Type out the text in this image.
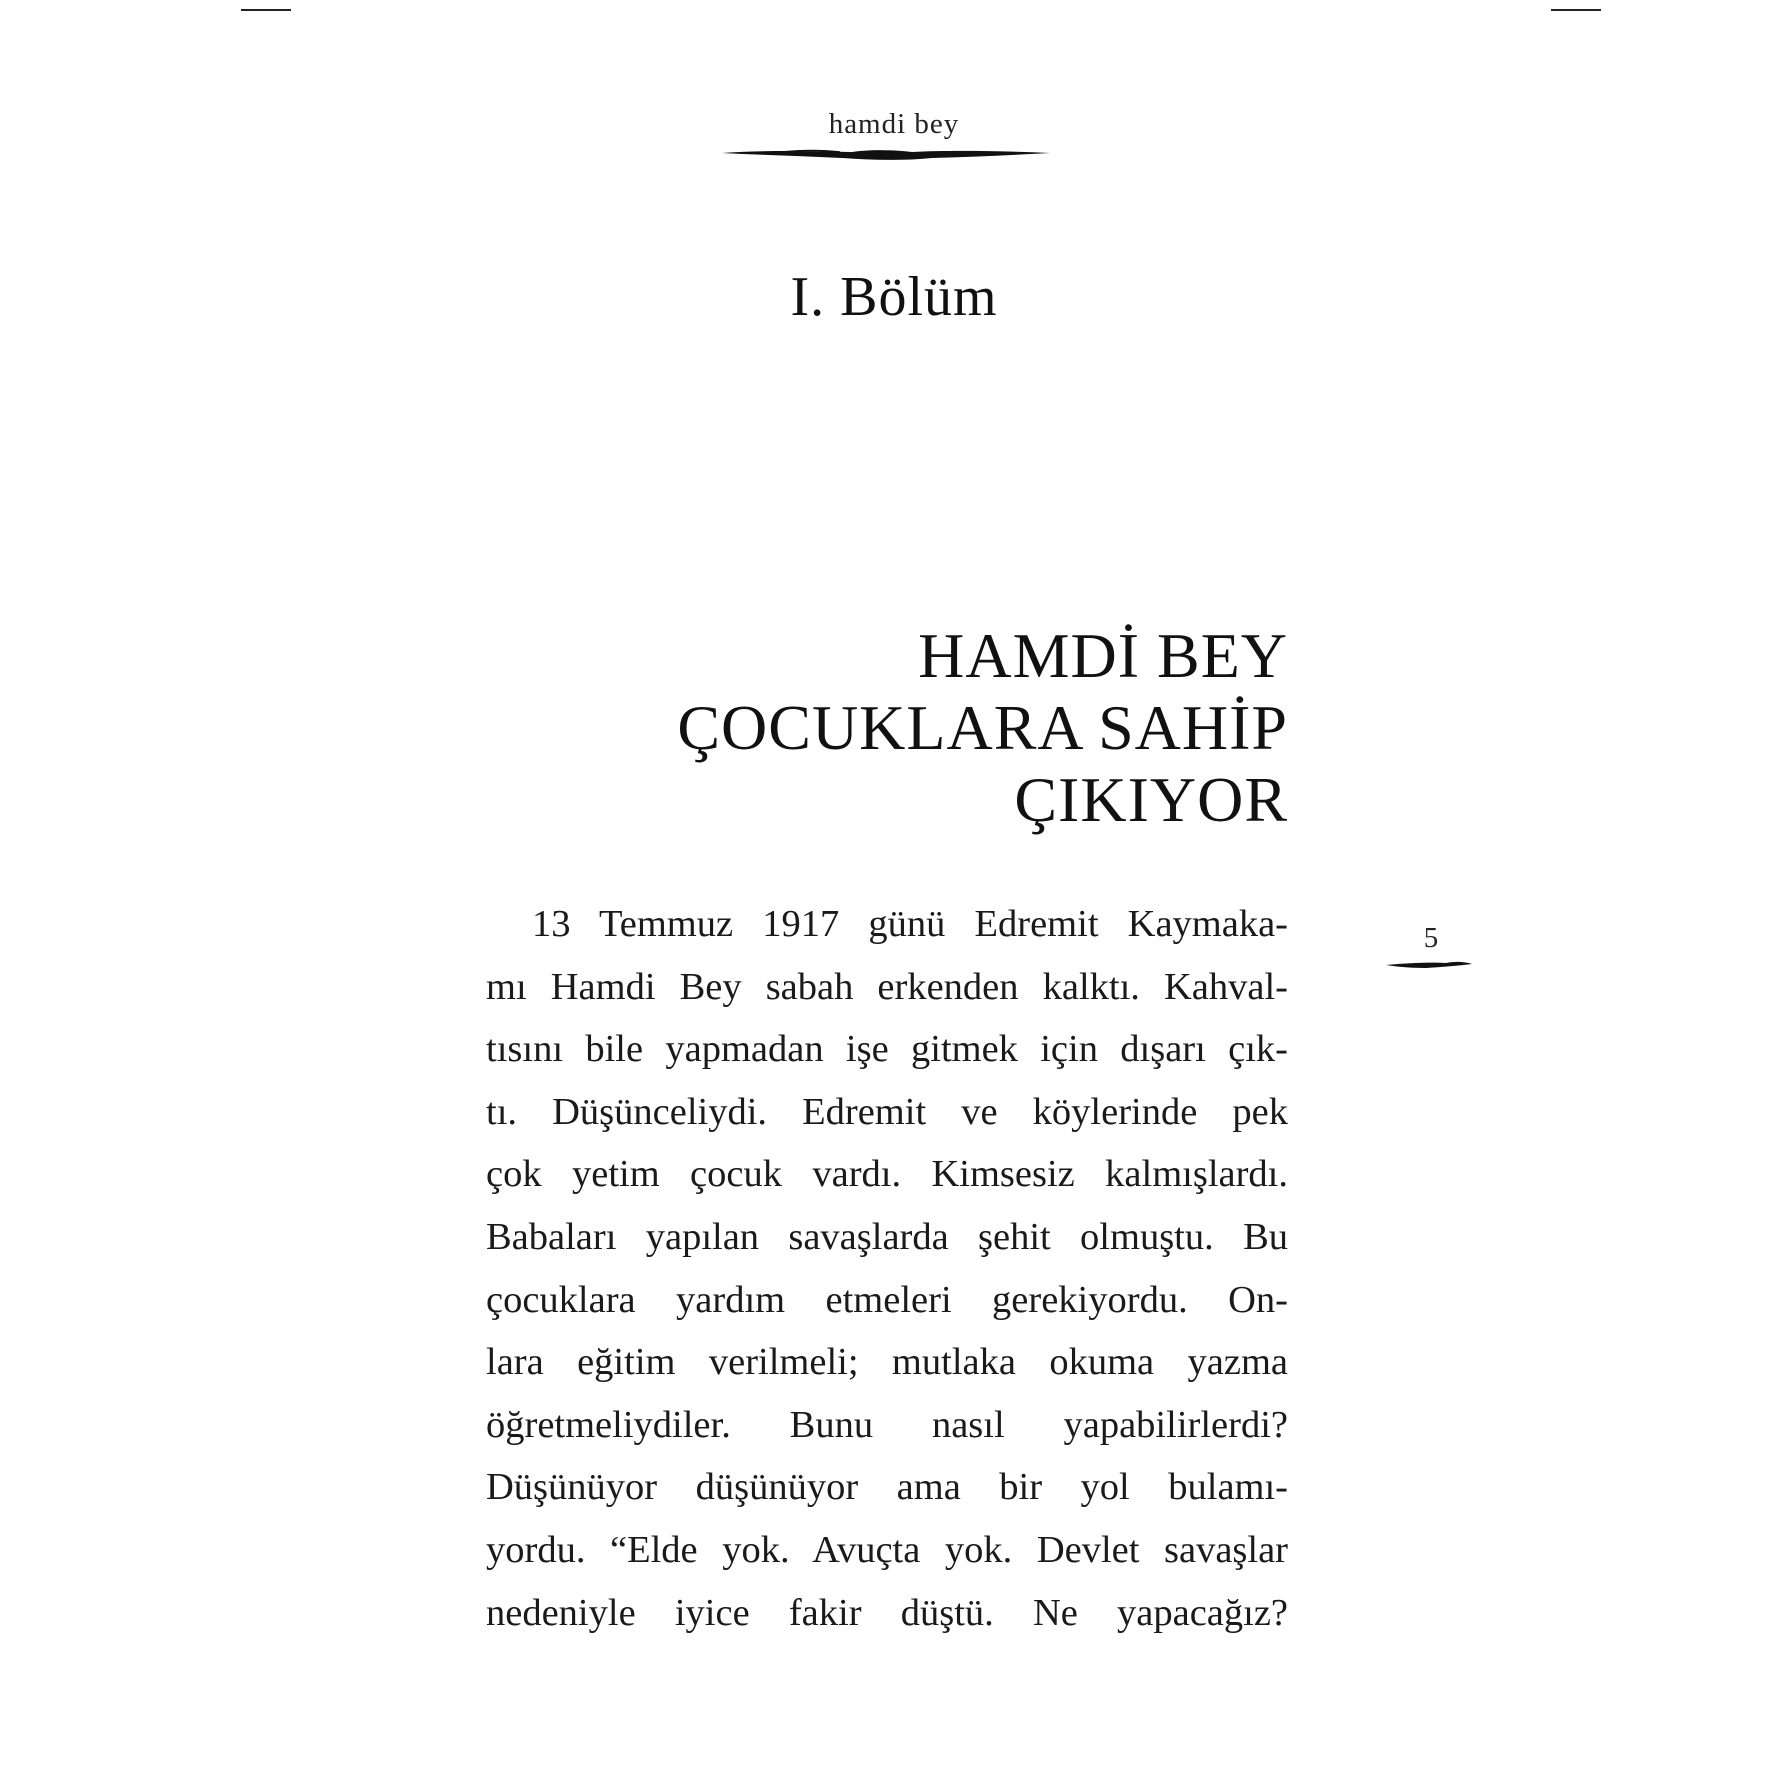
hamdi bey
I. Bölüm
HAMDİ BEY
ÇOCUKLARA SAHİP
ÇIKIYOR
13 Temmuz 1917 günü Edremit Kaymaka-
mı Hamdi Bey sabah erkenden kalktı. Kahval-
tısını bile yapmadan işe gitmek için dışarı çık-
tı. Düşünceliydi. Edremit ve köylerinde pek
çok yetim çocuk vardı. Kimsesiz kalmışlardı.
Babaları yapılan savaşlarda şehit olmuştu. Bu
çocuklara yardım etmeleri gerekiyordu. On-
lara eğitim verilmeli; mutlaka okuma yazma
öğretmeliydiler. Bunu nasıl yapabilirlerdi?
Düşünüyor düşünüyor ama bir yol bulamı-
yordu. “Elde yok. Avuçta yok. Devlet savaşlar
nedeniyle iyice fakir düştü. Ne yapacağız?
5
